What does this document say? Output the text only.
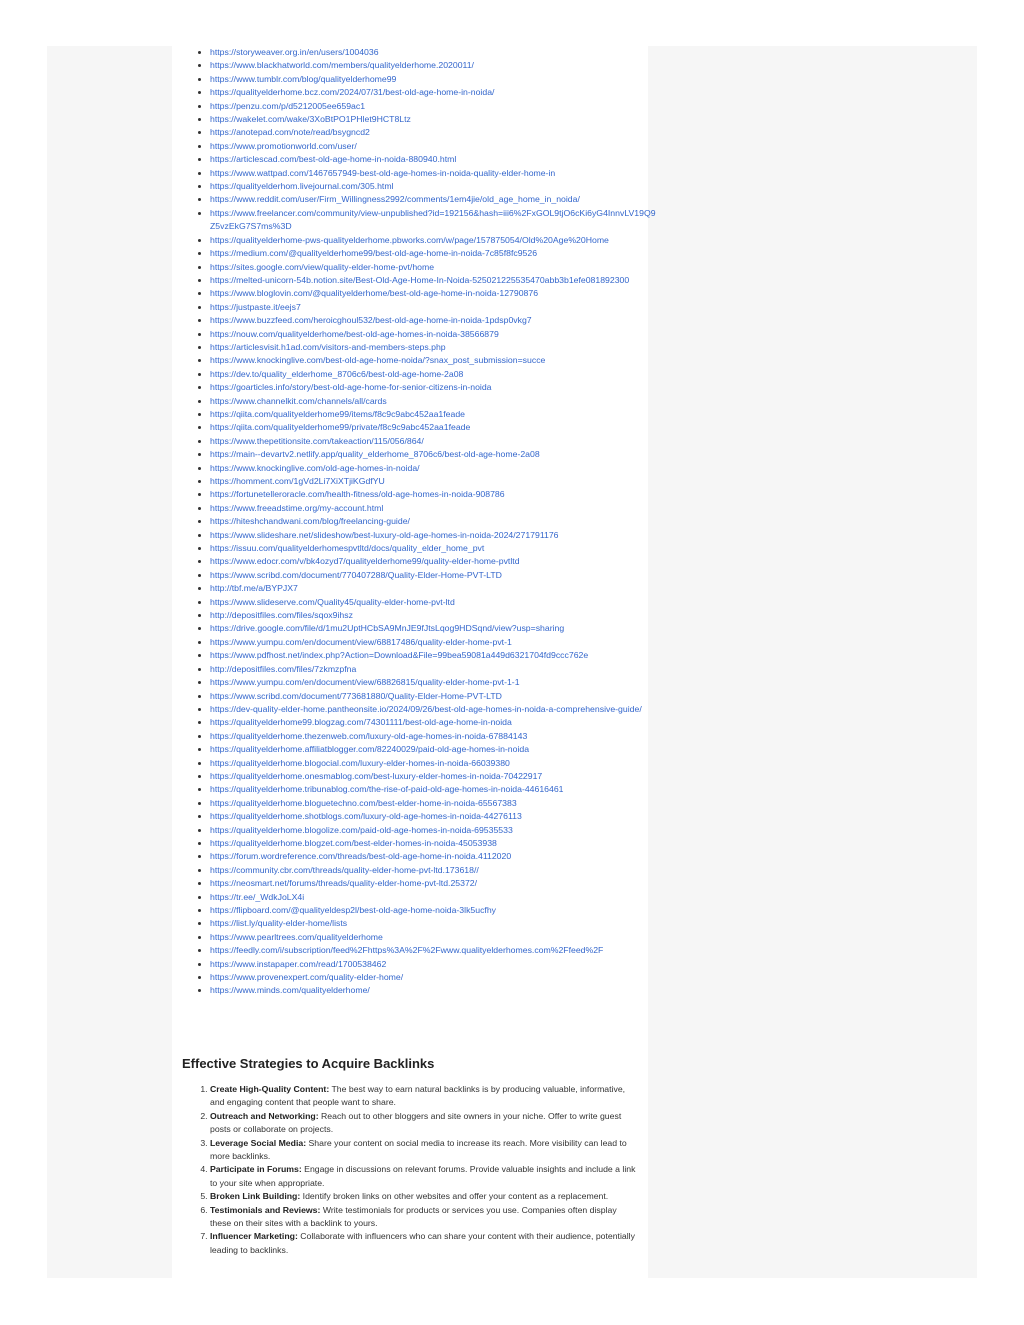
• https://storyweaver.org.in/en/users/1004036
• https://www.blackhatworld.com/members/qualityelderhome.2020011/
• https://www.tumblr.com/blog/qualityelderhome99
• https://qualityelderhome.bcz.com/2024/07/31/best-old-age-home-in-noida/
• https://penzu.com/p/d5212005ee659ac1
• https://wakelet.com/wake/3XoBtPO1PHlet9HCT8Ltz
• https://anotepad.com/note/read/bsygncd2
• https://www.promotionworld.com/user/
• https://articlescad.com/best-old-age-home-in-noida-880940.html
• https://www.wattpad.com/1467657949-best-old-age-homes-in-noida-quality-elder-home-in
• https://qualityelderhom.livejournal.com/305.html
• https://www.reddit.com/user/Firm_Willingness2992/comments/1em4jie/old_age_home_in_noida/
• https://www.freelancer.com/community/view-unpublished?id=192156&hash=iii6%2FxGOL9tjO6cKi6yG4InnvLV19Q9Z5vzEkG7S7ms%3D
• https://qualityelderhome-pws-qualityelderhome.pbworks.com/w/page/157875054/Old%20Age%20Home
• https://medium.com/@qualityelderhome99/best-old-age-home-in-noida-7c85f8fc9526
• https://sites.google.com/view/quality-elder-home-pvt/home
• https://melted-unicorn-54b.notion.site/Best-Old-Age-Home-In-Noida-525021225535470abb3b1efe081892300
• https://www.bloglovin.com/@qualityelderhome/best-old-age-home-in-noida-12790876
• https://justpaste.it/eejs7
• https://www.buzzfeed.com/heroicghoul532/best-old-age-home-in-noida-1pdsp0vkg7
• https://nouw.com/qualityelderhome/best-old-age-homes-in-noida-38566879
• https://articlesvisit.h1ad.com/visitors-and-members-steps.php
• https://www.knockinglive.com/best-old-age-home-noida/?snax_post_submission=succe
• https://dev.to/quality_elderhome_8706c6/best-old-age-home-2a08
• https://goarticles.info/story/best-old-age-home-for-senior-citizens-in-noida
• https://www.channelkit.com/channels/all/cards
• https://qiita.com/qualityelderhome99/items/f8c9c9abc452aa1feade
• https://qiita.com/qualityelderhome99/private/f8c9c9abc452aa1feade
• https://www.thepetitionsite.com/takeaction/115/056/864/
• https://main--devartv2.netlify.app/quality_elderhome_8706c6/best-old-age-home-2a08
• https://www.knockinglive.com/old-age-homes-in-noida/
• https://homment.com/1gVd2Li7XiXTjiKGdfYU
• https://fortunetelleroracle.com/health-fitness/old-age-homes-in-noida-908786
• https://www.freeadstime.org/my-account.html
• https://hiteshchandwani.com/blog/freelancing-guide/
• https://www.slideshare.net/slideshow/best-luxury-old-age-homes-in-noida-2024/271791176
• https://issuu.com/qualityelderhomespvtltd/docs/quality_elder_home_pvt
• https://www.edocr.com/v/bk4ozyd7/qualityelderhome99/quality-elder-home-pvtltd
• https://www.scribd.com/document/770407288/Quality-Elder-Home-PVT-LTD
• http://tbf.me/a/BYPJX7
• https://www.slideserve.com/Quality45/quality-elder-home-pvt-ltd
• http://depositfiles.com/files/sqox9ihsz
• https://drive.google.com/file/d/1mu2UptHCbSA9MnJE9fJtsLqog9HDSqnd/view?usp=sharing
• https://www.yumpu.com/en/document/view/68817486/quality-elder-home-pvt-1
• https://www.pdfhost.net/index.php?Action=Download&File=99bea59081a449d6321704fd9ccc762e
• http://depositfiles.com/files/7zkmzpfna
• https://www.yumpu.com/en/document/view/68826815/quality-elder-home-pvt-1-1
• https://www.scribd.com/document/773681880/Quality-Elder-Home-PVT-LTD
• https://dev-quality-elder-home.pantheonsite.io/2024/09/26/best-old-age-homes-in-noida-a-comprehensive-guide/
• https://qualityelderhome99.blogzag.com/74301111/best-old-age-home-in-noida
• https://qualityelderhome.thezenweb.com/luxury-old-age-homes-in-noida-67884143
• https://qualityelderhome.affiliatblogger.com/82240029/paid-old-age-homes-in-noida
• https://qualityelderhome.blogocial.com/luxury-elder-homes-in-noida-66039380
• https://qualityelderhome.onesmablog.com/best-luxury-elder-homes-in-noida-70422917
• https://qualityelderhome.tribunablog.com/the-rise-of-paid-old-age-homes-in-noida-44616461
• https://qualityelderhome.bloguetechno.com/best-elder-home-in-noida-65567383
• https://qualityelderhome.shotblogs.com/luxury-old-age-homes-in-noida-44276113
• https://qualityelderhome.blogolize.com/paid-old-age-homes-in-noida-69535533
• https://qualityelderhome.blogzet.com/best-elder-homes-in-noida-45053938
• https://forum.wordreference.com/threads/best-old-age-home-in-noida.4112020
• https://community.cbr.com/threads/quality-elder-home-pvt-ltd.173618//
• https://neosmart.net/forums/threads/quality-elder-home-pvt-ltd.25372/
• https://tr.ee/_WdkJoLX4i
• https://flipboard.com/@qualityeldesp2l/best-old-age-home-noida-3lk5ucfhy
• https://list.ly/quality-elder-home/lists
• https://www.pearltrees.com/qualityelderhome
• https://feedly.com/i/subscription/feed%2Fhttps%3A%2F%2Fwww.qualityelderhomes.com%2Ffeed%2F
• https://www.instapaper.com/read/1700538462
• https://www.provenexpert.com/quality-elder-home/
• https://www.minds.com/qualityelderhome/
Effective Strategies to Acquire Backlinks
1. Create High-Quality Content: The best way to earn natural backlinks is by producing valuable, informative, and engaging content that people want to share.
2. Outreach and Networking: Reach out to other bloggers and site owners in your niche. Offer to write guest posts or collaborate on projects.
3. Leverage Social Media: Share your content on social media to increase its reach. More visibility can lead to more backlinks.
4. Participate in Forums: Engage in discussions on relevant forums. Provide valuable insights and include a link to your site when appropriate.
5. Broken Link Building: Identify broken links on other websites and offer your content as a replacement.
6. Testimonials and Reviews: Write testimonials for products or services you use. Companies often display these on their sites with a backlink to yours.
7. Influencer Marketing: Collaborate with influencers who can share your content with their audience, potentially leading to backlinks.
